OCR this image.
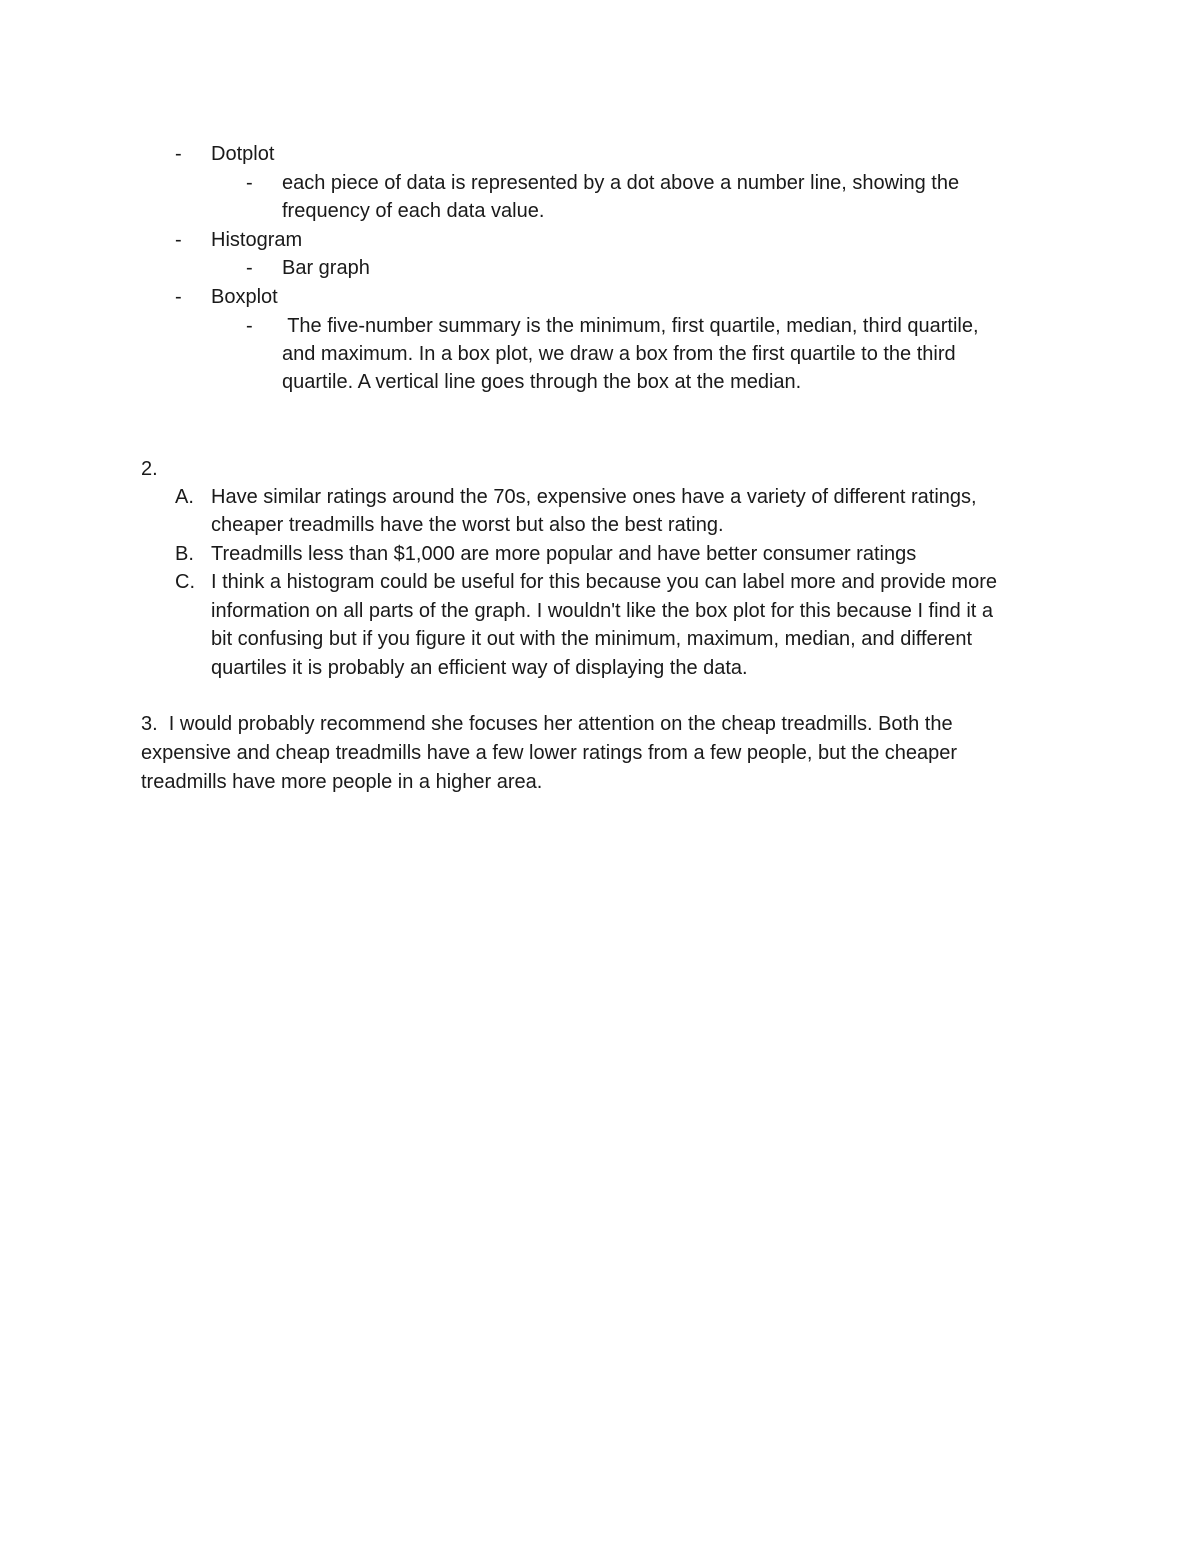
- Dotplot
- each piece of data is represented by a dot above a number line, showing the
frequency of each data value.
- Histogram
- Bar graph
- Boxplot
- The five-number summary is the minimum, first quartile, median, third quartile,
and maximum. In a box plot, we draw a box from the first quartile to the third
quartile. A vertical line goes through the box at the median.
2.
A. Have similar ratings around the 70s, expensive ones have a variety of different ratings,
cheaper treadmills have the worst but also the best rating.
B. Treadmills less than $1,000 are more popular and have better consumer ratings
C. I think a histogram could be useful for this because you can label more and provide more
information on all parts of the graph. I wouldn't like the box plot for this because I find it a
bit confusing but if you figure it out with the minimum, maximum, median, and different
quartiles it is probably an efficient way of displaying the data.
3.  I would probably recommend she focuses her attention on the cheap treadmills. Both the
expensive and cheap treadmills have a few lower ratings from a few people, but the cheaper
treadmills have more people in a higher area.
